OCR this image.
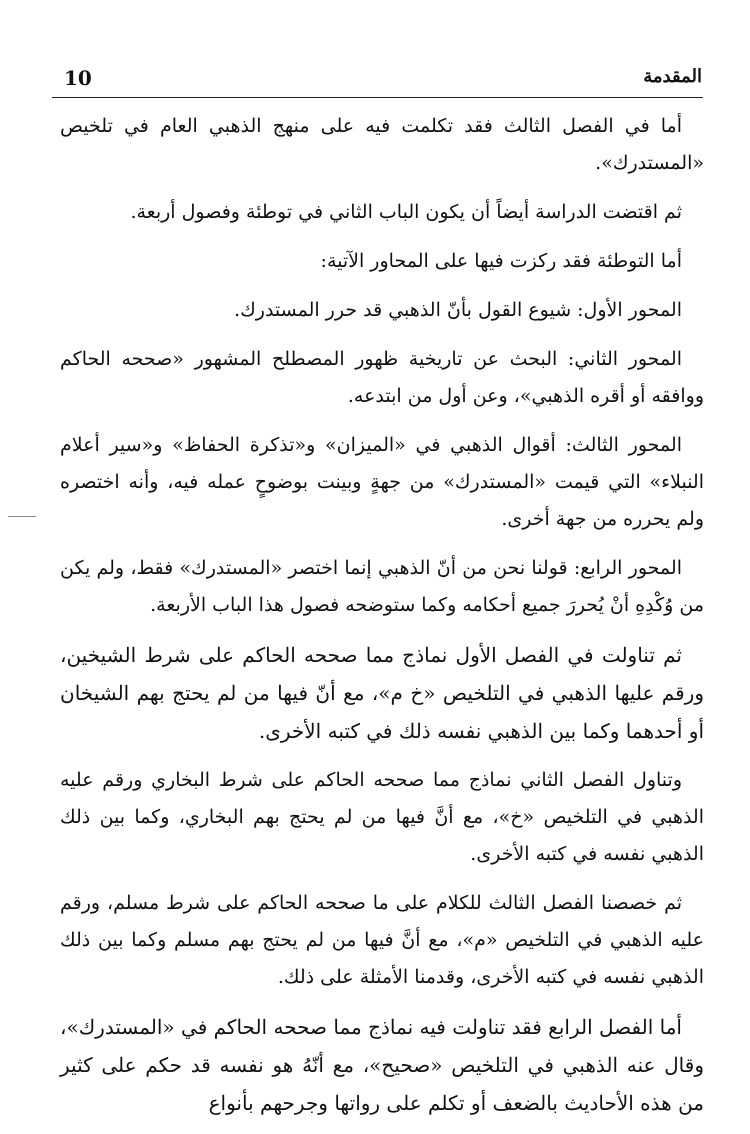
10	المقدمة

أما في الفصل الثالث فقد تكلمت فيه على منهج الذهبي العام في تلخيص «المستدرك».

ثم اقتضت الدراسة أيضاً أن يكون الباب الثاني في توطئة وفصول أربعة.

أما التوطئة فقد ركزت فيها على المحاور الآتية:

المحور الأول: شيوع القول بأنّ الذهبي قد حرر المستدرك.

المحور الثاني: البحث عن تاريخية ظهور المصطلح المشهور «صححه الحاكم ووافقه أو أقره الذهبي»، وعن أول من ابتدعه.

المحور الثالث: أقوال الذهبي في «الميزان» و«تذكرة الحفاظ» و«سير أعلام النبلاء» التي قيمت «المستدرك» من جهةٍ وبينت بوضوحٍ عمله فيه، وأنه اختصره ولم يحرره من جهة أخرى.

المحور الرابع: قولنا نحن من أنّ الذهبي إنما اختصر «المستدرك» فقط، ولم يكن من وُكْدِهِ أنْ يُحررَ جميع أحكامه وكما ستوضحه فصول هذا الباب الأربعة.

ثم تناولت في الفصل الأول نماذج مما صححه الحاكم على شرط الشيخين، ورقم عليها الذهبي في التلخيص «خ م»، مع أنّ فيها من لم يحتج بهم الشيخان أو أحدهما وكما بين الذهبي نفسه ذلك في كتبه الأخرى.

وتناول الفصل الثاني نماذج مما صححه الحاكم على شرط البخاري ورقم عليه الذهبي في التلخيص «خ»، مع أنَّ فيها من لم يحتج بهم البخاري، وكما بين ذلك الذهبي نفسه في كتبه الأخرى.

ثم خصصنا الفصل الثالث للكلام على ما صححه الحاكم على شرط مسلم، ورقم عليه الذهبي في التلخيص «م»، مع أنَّ فيها من لم يحتج بهم مسلم وكما بين ذلك الذهبي نفسه في كتبه الأخرى، وقدمنا الأمثلة على ذلك.

أما الفصل الرابع فقد تناولت فيه نماذج مما صححه الحاكم في «المستدرك»، وقال عنه الذهبي في التلخيص «صحيح»، مع أنّهُ هو نفسه قد حكم على كثير من هذه الأحاديث بالضعف أو تكلم على رواتها وجرحهم بأنواع
